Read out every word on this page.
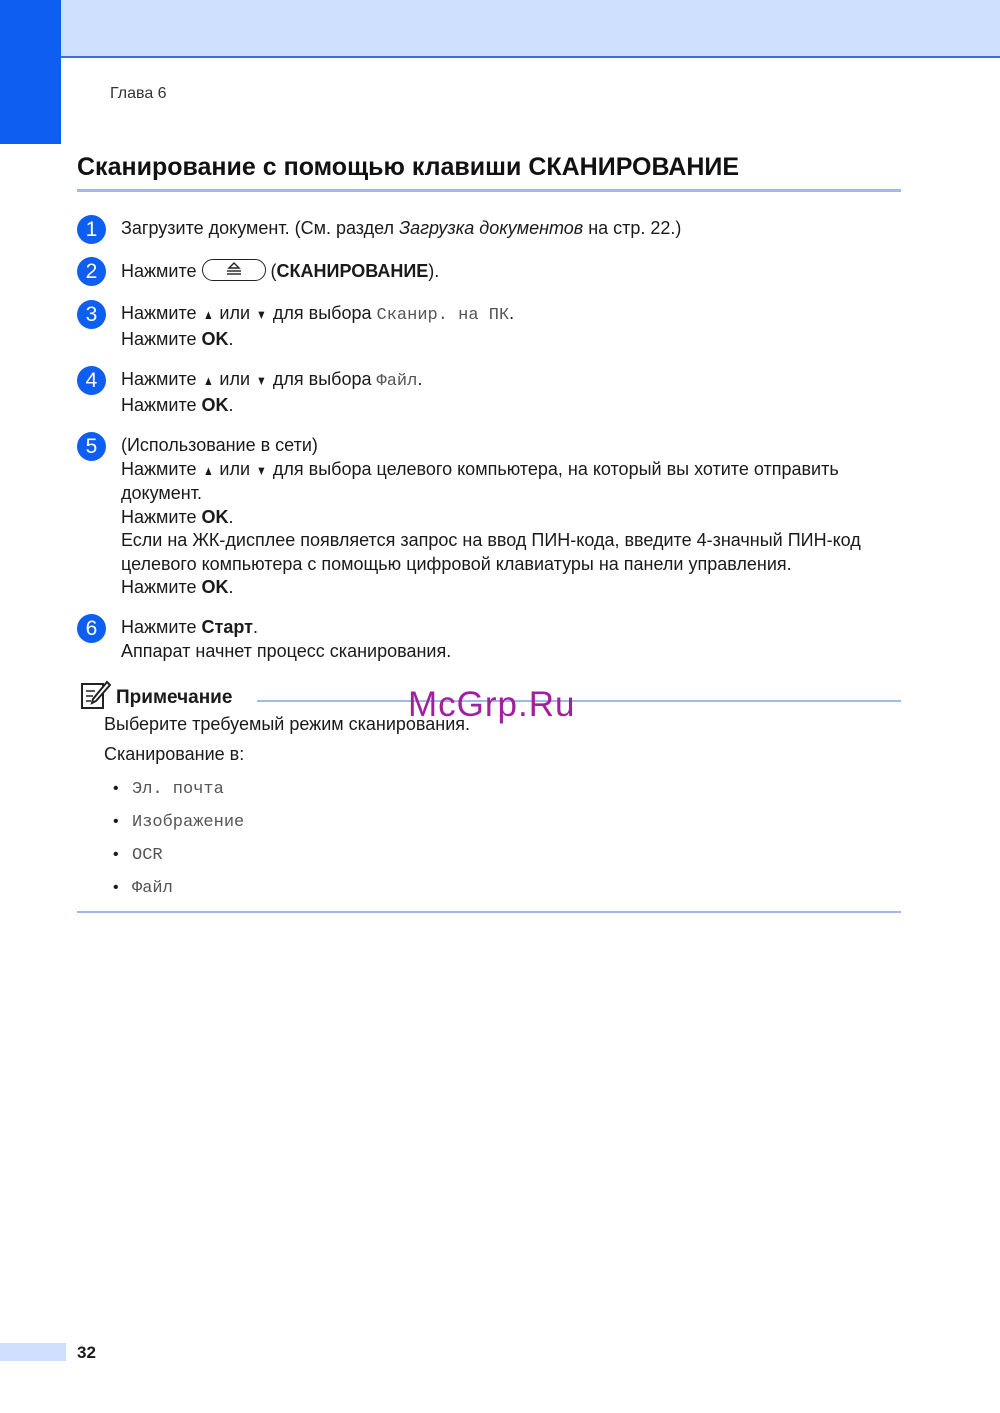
Глава 6
Сканирование с помощью клавиши СКАНИРОВАНИЕ
1	Загрузите документ. (См. раздел Загрузка документов на стр. 22.)

2	Нажмите	(СКАНИРОВАНИЕ).

3	Нажмите ▲ или ▼ для выбора Сканир. на ПК.

Нажмите OK.

4	Нажмите ▲ или ▼ для выбора Файл.

Нажмите OK.

5	(Использование в сети)

Нажмите ▲ или ▼ для выбора целевого компьютера, на который вы хотите отправить документ.

Нажмите OK.

Если на ЖК-дисплее появляется запрос на ввод ПИН-кода, введите 4-значный ПИН-код целевого компьютера с помощью цифровой клавиатуры на панели управления.

Нажмите OK.

6	Нажмите Старт.

Аппарат начнет процесс сканирования.

Примечание

Выберите требуемый режим сканирования.

Сканирование в:

• Эл. почта
• Изображение
• OCR
• Файл
McGrp.Ru
32
